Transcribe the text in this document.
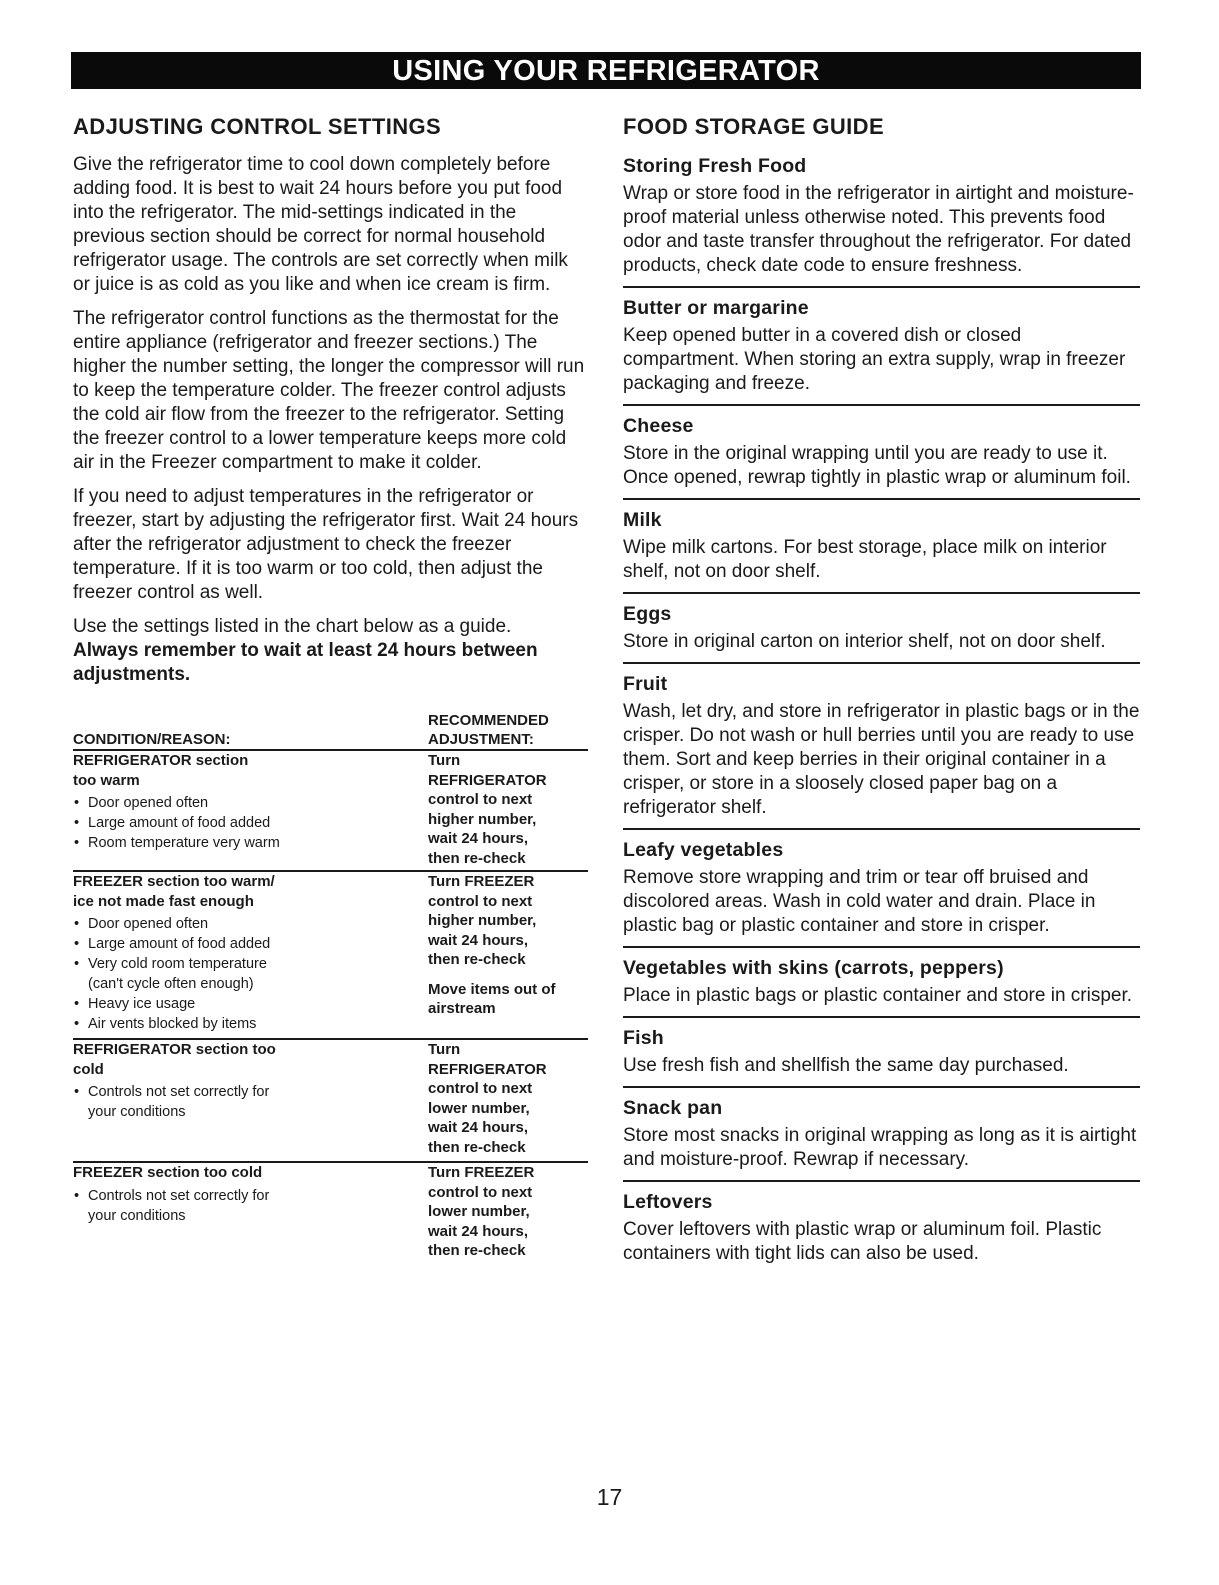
USING YOUR REFRIGERATOR
ADJUSTING CONTROL SETTINGS

Give the refrigerator time to cool down completely before adding food. It is best to wait 24 hours before you put food into the refrigerator. The mid-settings indicated in the previous section should be correct for normal household refrigerator usage. The controls are set correctly when milk or juice is as cold as you like and when ice cream is firm.

The refrigerator control functions as the thermostat for the entire appliance (refrigerator and freezer sections.) The higher the number setting, the longer the compressor will run to keep the temperature colder. The freezer control adjusts the cold air flow from the freezer to the refrigerator. Setting the freezer control to a lower temperature keeps more cold air in the Freezer compartment to make it colder.

If you need to adjust temperatures in the refrigerator or freezer, start by adjusting the refrigerator first. Wait 24 hours after the refrigerator adjustment to check the freezer temperature. If it is too warm or too cold, then adjust the freezer control as well.

Use the settings listed in the chart below as a guide.

Always remember to wait at least 24 hours between adjustments.

CONDITION/REASON:
RECOMMENDED
ADJUSTMENT:
REFRIGERATOR section
too warm
• Door opened often
• Large amount of food added
• Room temperature very warm
Turn
REFRIGERATOR
control to next
higher number,
wait 24 hours,
then re-check
FREEZER section too warm/
ice not made fast enough
• Door opened often
• Large amount of food added
• Very cold room temperature
(can't cycle often enough)
• Heavy ice usage
• Air vents blocked by items
Turn FREEZER
control to next
higher number,
wait 24 hours,
then re-check
Move items out of
airstream
REFRIGERATOR section too
cold
• Controls not set correctly for
your conditions
Turn
REFRIGERATOR
control to next
lower number,
wait 24 hours,
then re-check
FREEZER section too cold
• Controls not set correctly for
your conditions
Turn FREEZER
control to next
lower number,
wait 24 hours,
then re-check
FOOD STORAGE GUIDE
Storing Fresh Food
Wrap or store food in the refrigerator in airtight and moisture-proof material unless otherwise noted. This prevents food odor and taste transfer throughout the refrigerator. For dated products, check date code to ensure freshness.
Butter or margarine
Keep opened butter in a covered dish or closed compartment. When storing an extra supply, wrap in freezer packaging and freeze.
Cheese
Store in the original wrapping until you are ready to use it. Once opened, rewrap tightly in plastic wrap or aluminum foil.
Milk
Wipe milk cartons. For best storage, place milk on interior shelf, not on door shelf.
Eggs
Store in original carton on interior shelf, not on door shelf.
Fruit
Wash, let dry, and store in refrigerator in plastic bags or in the crisper. Do not wash or hull berries until you are ready to use them. Sort and keep berries in their original container in a crisper, or store in a sloosely closed paper bag on a refrigerator shelf.
Leafy vegetables
Remove store wrapping and trim or tear off bruised and discolored areas. Wash in cold water and drain. Place in plastic bag or plastic container and store in crisper.
Vegetables with skins (carrots, peppers)
Place in plastic bags or plastic container and store in crisper.
Fish
Use fresh fish and shellfish the same day purchased.
Snack pan
Store most snacks in original wrapping as long as it is airtight and moisture-proof. Rewrap if necessary.
Leftovers
Cover leftovers with plastic wrap or aluminum foil. Plastic containers with tight lids can also be used.
17
